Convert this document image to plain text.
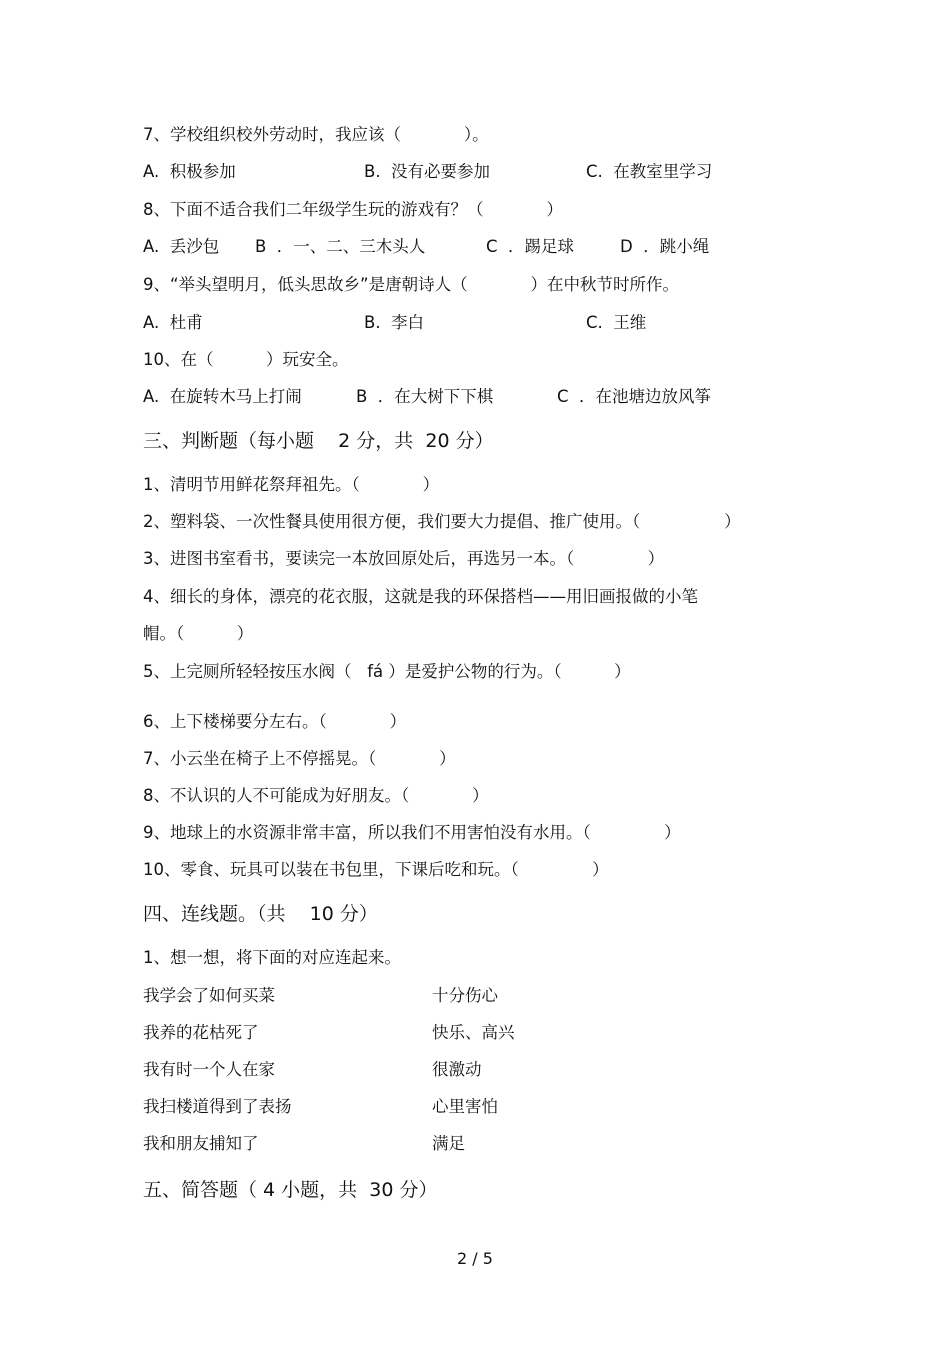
7、学校组织校外劳动时，我应该（            ）。
A.  积极参加	B.  没有必要参加	C.  在教室里学习
8、下面不适合我们二年级学生玩的游戏有？（            ）
A.  丢沙包 B  ．一、二、三木头人	C  ．踢足球	D  ．跳小绳
9、“举头望明月，低头思故乡”是唐朝诗人（            ）在中秋节时所作。
A.  杜甫	B.  李白	C.  王维
10、在（          ）玩安全。
A.  在旋转木马上打闹	B  ．在大树下下棋	C  ．在池塘边放风筝
三、判断题（每小题    2 分，共  20 分）
1、清明节用鲜花祭拜祖先。（            ）
2、塑料袋、一次性餐具使用很方便，我们要大力提倡、推广使用。（                ）
3、进图书室看书，要读完一本放回原处后，再选另一本。（              ）
4、细长的身体，漂亮的花衣服，这就是我的环保搭档——用旧画报做的小笔
帽。（          ）
5、上完厕所轻轻按压水阀（   fá ）是爱护公物的行为。（          ）
6、上下楼梯要分左右。（            ）
7、小云坐在椅子上不停摇晃。（            ）
8、不认识的人不可能成为好朋友。（            ）
9、地球上的水资源非常丰富，所以我们不用害怕没有水用。（              ）
10、零食、玩具可以装在书包里，下课后吃和玩。（              ）
四、连线题。（共    10 分）
1、想一想，将下面的对应连起来。
我学会了如何买菜	十分伤心
我养的花枯死了	快乐、高兴
我有时一个人在家	很激动
我扫楼道得到了表扬	心里害怕
我和朋友捕知了	满足
五、简答题（ 4 小题，共  30 分）
2 / 5
